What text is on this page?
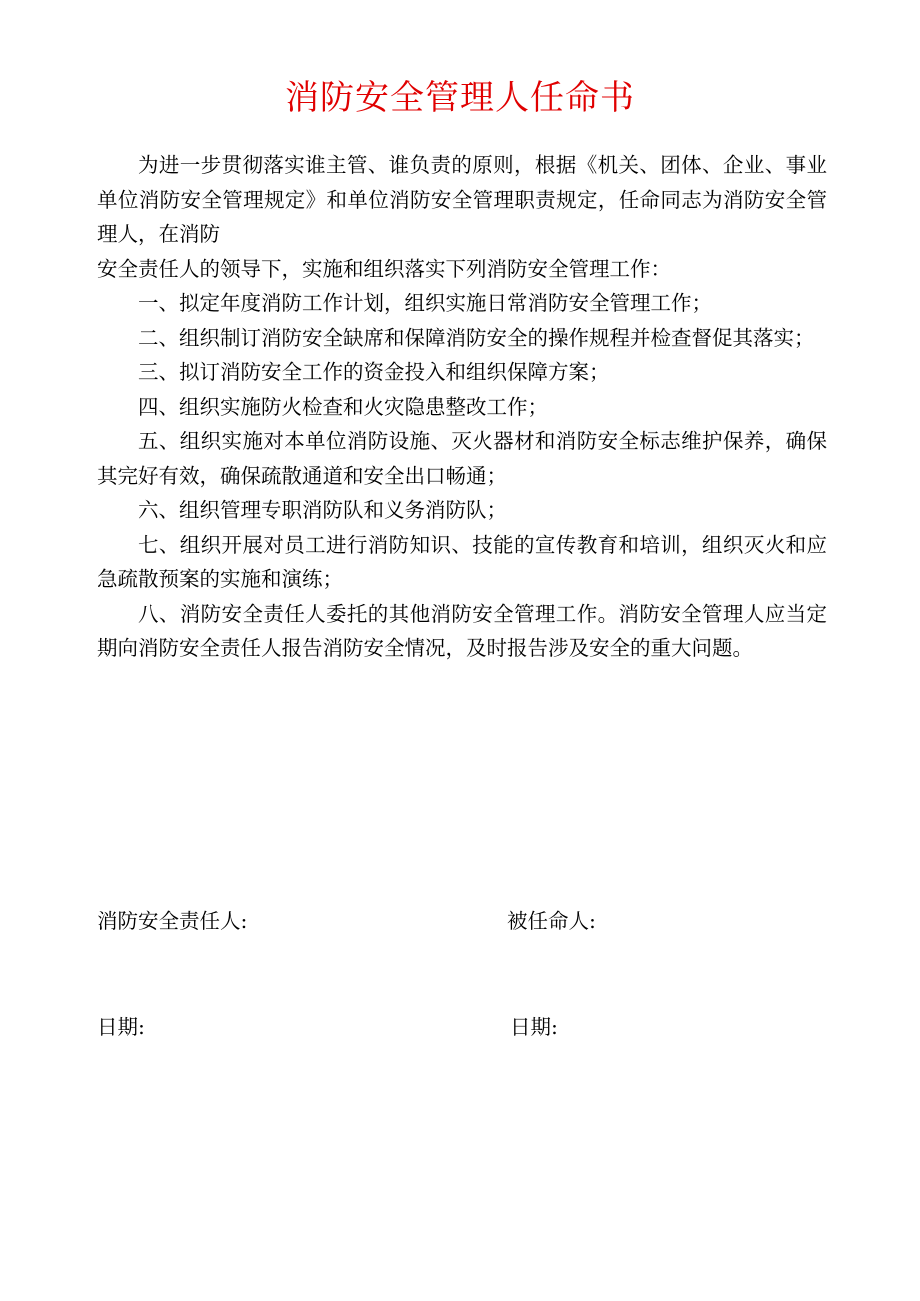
消防安全管理人任命书

为进一步贯彻落实谁主管、谁负责的原则，根据《机关、团体、企业、事业单位消防安全管理规定》和单位消防安全管理职责规定，任命同志为消防安全管理人，在消防

安全责任人的领导下，实施和组织落实下列消防安全管理工作：

一、拟定年度消防工作计划，组织实施日常消防安全管理工作；

二、组织制订消防安全缺席和保障消防安全的操作规程并检查督促其落实；

三、拟订消防安全工作的资金投入和组织保障方案；

四、组织实施防火检查和火灾隐患整改工作；

五、组织实施对本单位消防设施、灭火器材和消防安全标志维护保养，确保其完好有效，确保疏散通道和安全出口畅通；

六、组织管理专职消防队和义务消防队；

七、组织开展对员工进行消防知识、技能的宣传教育和培训，组织灭火和应急疏散预案的实施和演练；

八、消防安全责任人委托的其他消防安全管理工作。消防安全管理人应当定期向消防安全责任人报告消防安全情况，及时报告涉及安全的重大问题。

消防安全责任人:	被任命人:
日期:	日期:
